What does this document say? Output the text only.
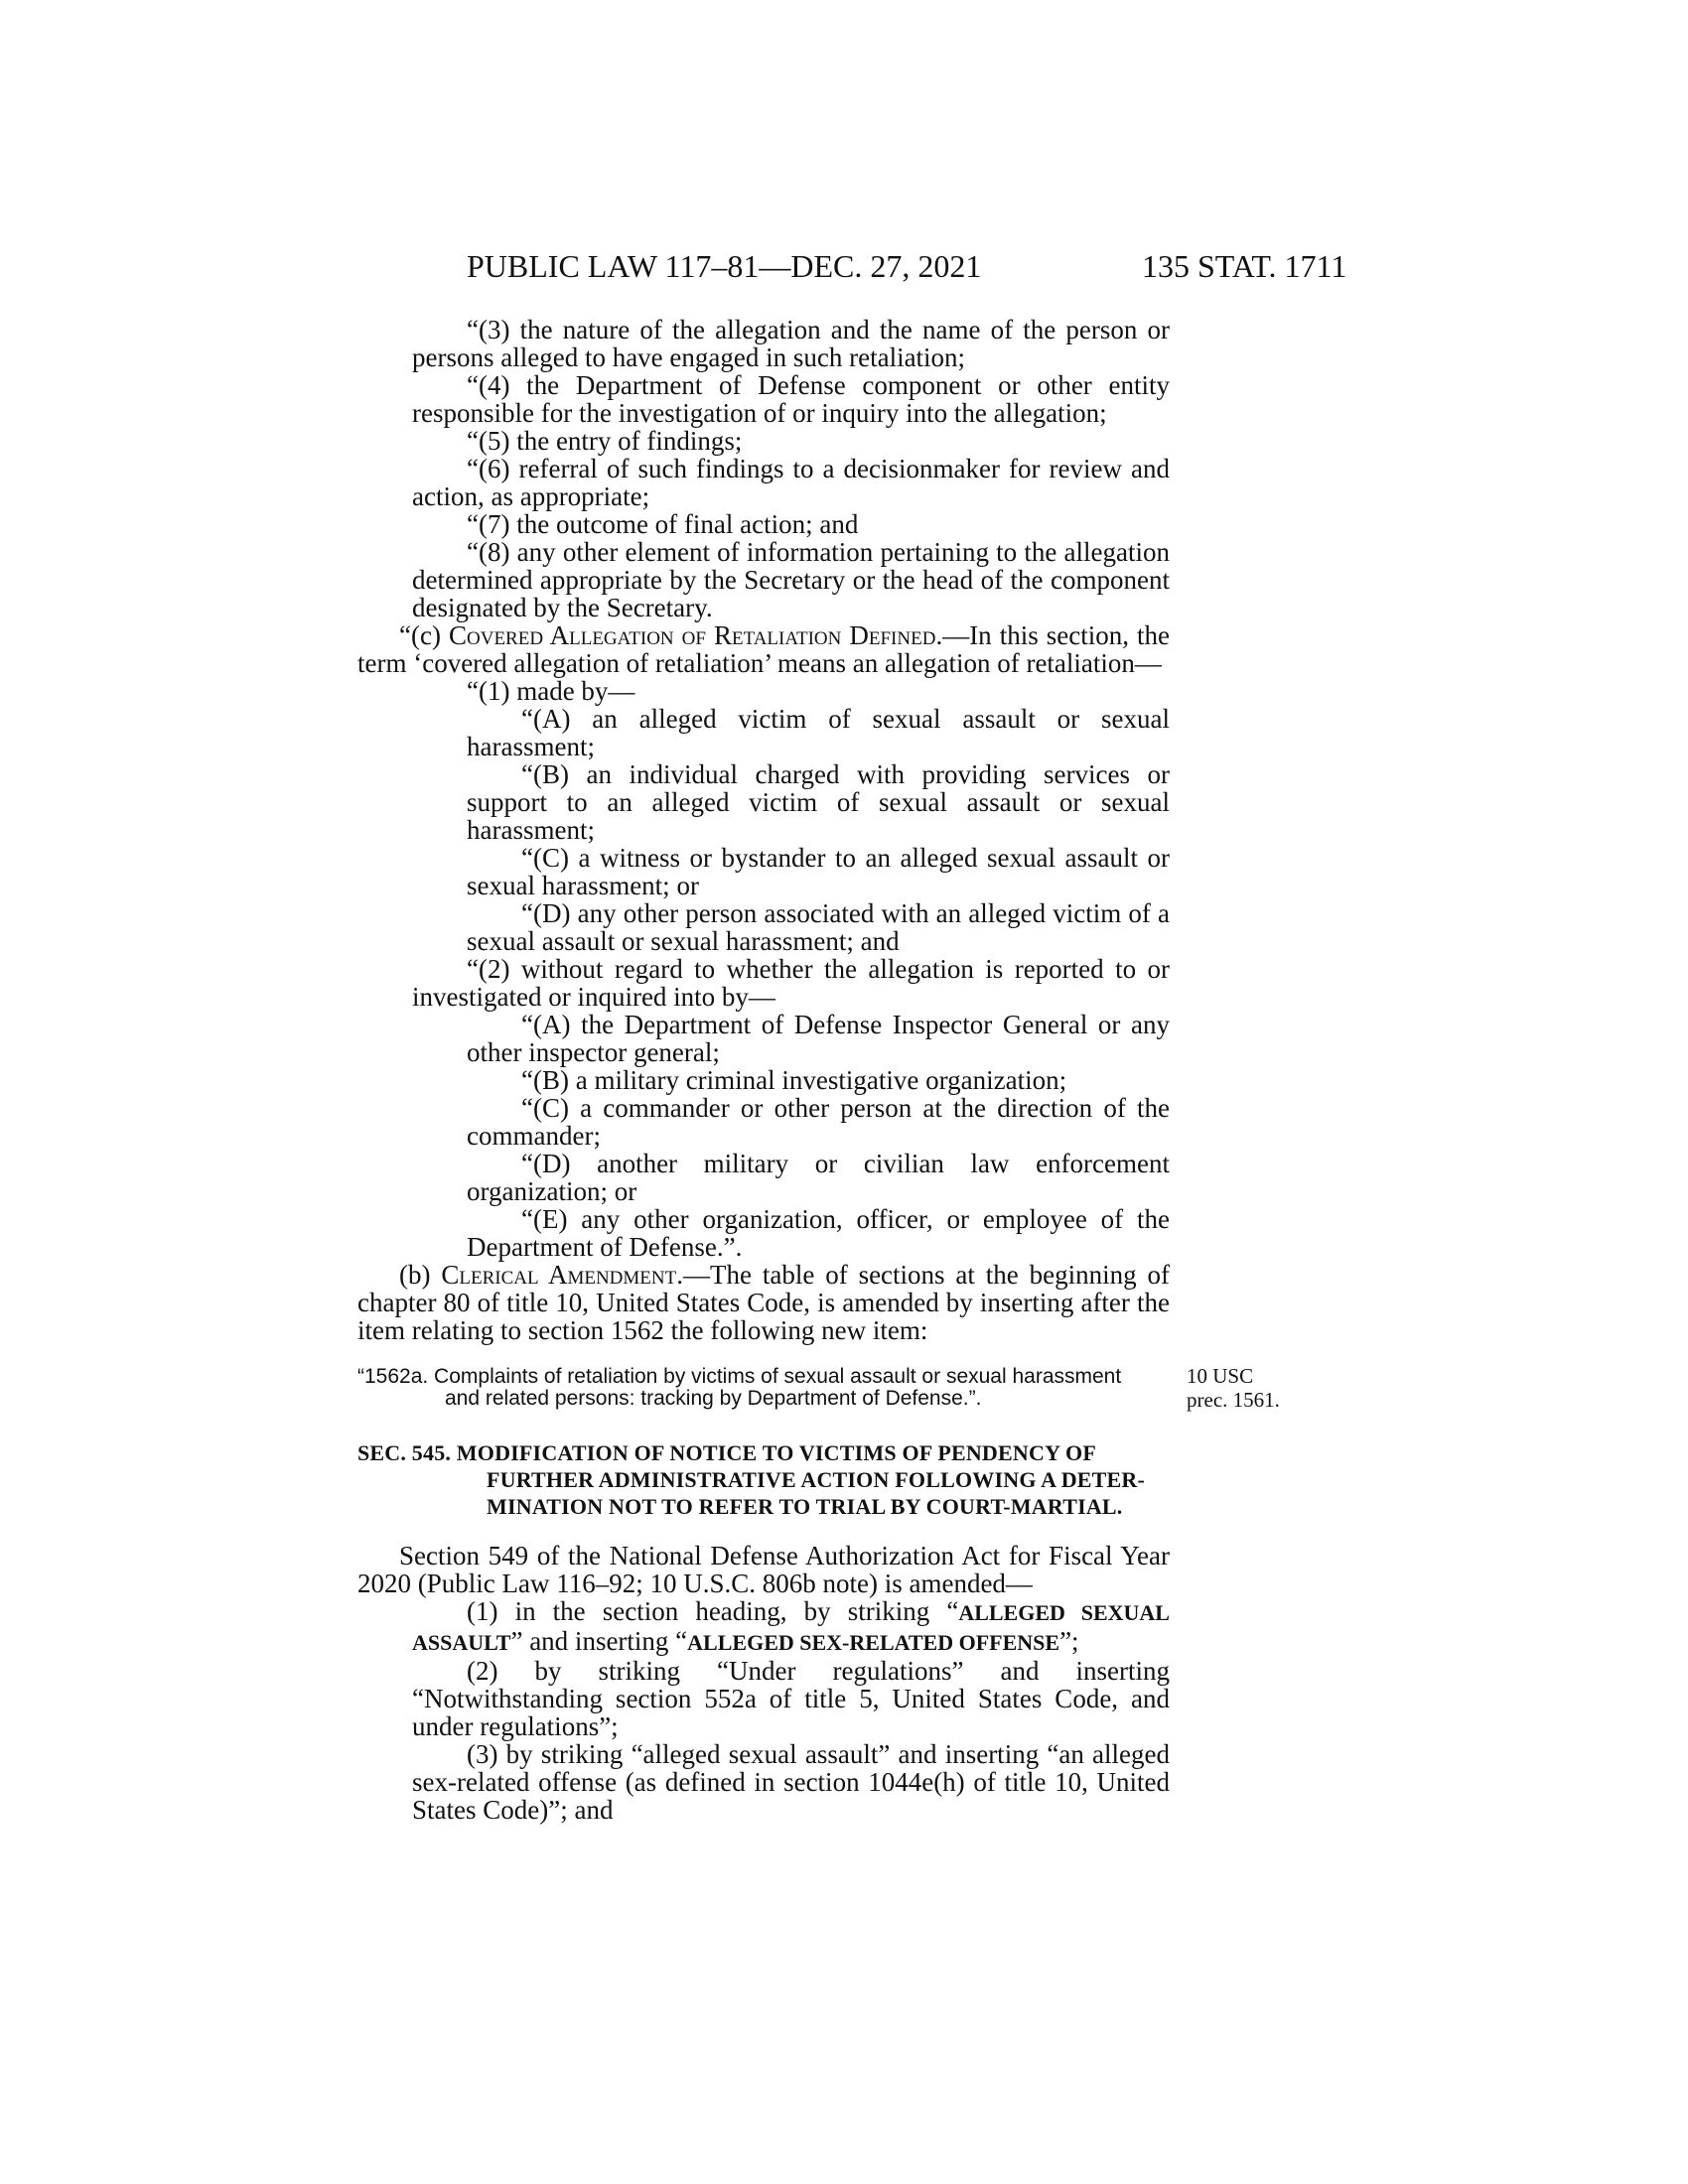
PUBLIC LAW 117–81—DEC. 27, 2021	135 STAT. 1711

“(3) the nature of the allegation and the name of the person or persons alleged to have engaged in such retaliation;

“(4) the Department of Defense component or other entity responsible for the investigation of or inquiry into the allegation;

“(5) the entry of findings;

“(6) referral of such findings to a decisionmaker for review and action, as appropriate;

“(7) the outcome of final action; and

“(8) any other element of information pertaining to the allegation determined appropriate by the Secretary or the head of the component designated by the Secretary.

“(c) Covered Allegation of Retaliation Defined.—In this section, the term ‘covered allegation of retaliation’ means an allegation of retaliation—

“(1) made by—

“(A) an alleged victim of sexual assault or sexual harassment;

“(B) an individual charged with providing services or support to an alleged victim of sexual assault or sexual harassment;

“(C) a witness or bystander to an alleged sexual assault or sexual harassment; or

“(D) any other person associated with an alleged victim of a sexual assault or sexual harassment; and

“(2) without regard to whether the allegation is reported to or investigated or inquired into by—

“(A) the Department of Defense Inspector General or any other inspector general;

“(B) a military criminal investigative organization;

“(C) a commander or other person at the direction of the commander;

“(D) another military or civilian law enforcement organization; or

“(E) any other organization, officer, or employee of the Department of Defense.”.

(b) Clerical Amendment.—The table of sections at the beginning of chapter 80 of title 10, United States Code, is amended by inserting after the item relating to section 1562 the following new item:

“1562a. Complaints of retaliation by victims of sexual assault or sexual harassment
and related persons: tracking by Department of Defense.”.
SEC. 545. MODIFICATION OF NOTICE TO VICTIMS OF PENDENCY OF
FURTHER ADMINISTRATIVE ACTION FOLLOWING A DETER-
MINATION NOT TO REFER TO TRIAL BY COURT-MARTIAL.

Section 549 of the National Defense Authorization Act for Fiscal Year 2020 (Public Law 116–92; 10 U.S.C. 806b note) is amended—

(1) in the section heading, by striking “ALLEGED SEXUAL ASSAULT” and inserting “ALLEGED SEX-RELATED OFFENSE”;

(2) by striking “Under regulations” and inserting “Notwithstanding section 552a of title 5, United States Code, and under regulations”;

(3) by striking “alleged sexual assault” and inserting “an alleged sex-related offense (as defined in section 1044e(h) of title 10, United States Code)”; and

10 USC
prec. 1561.
